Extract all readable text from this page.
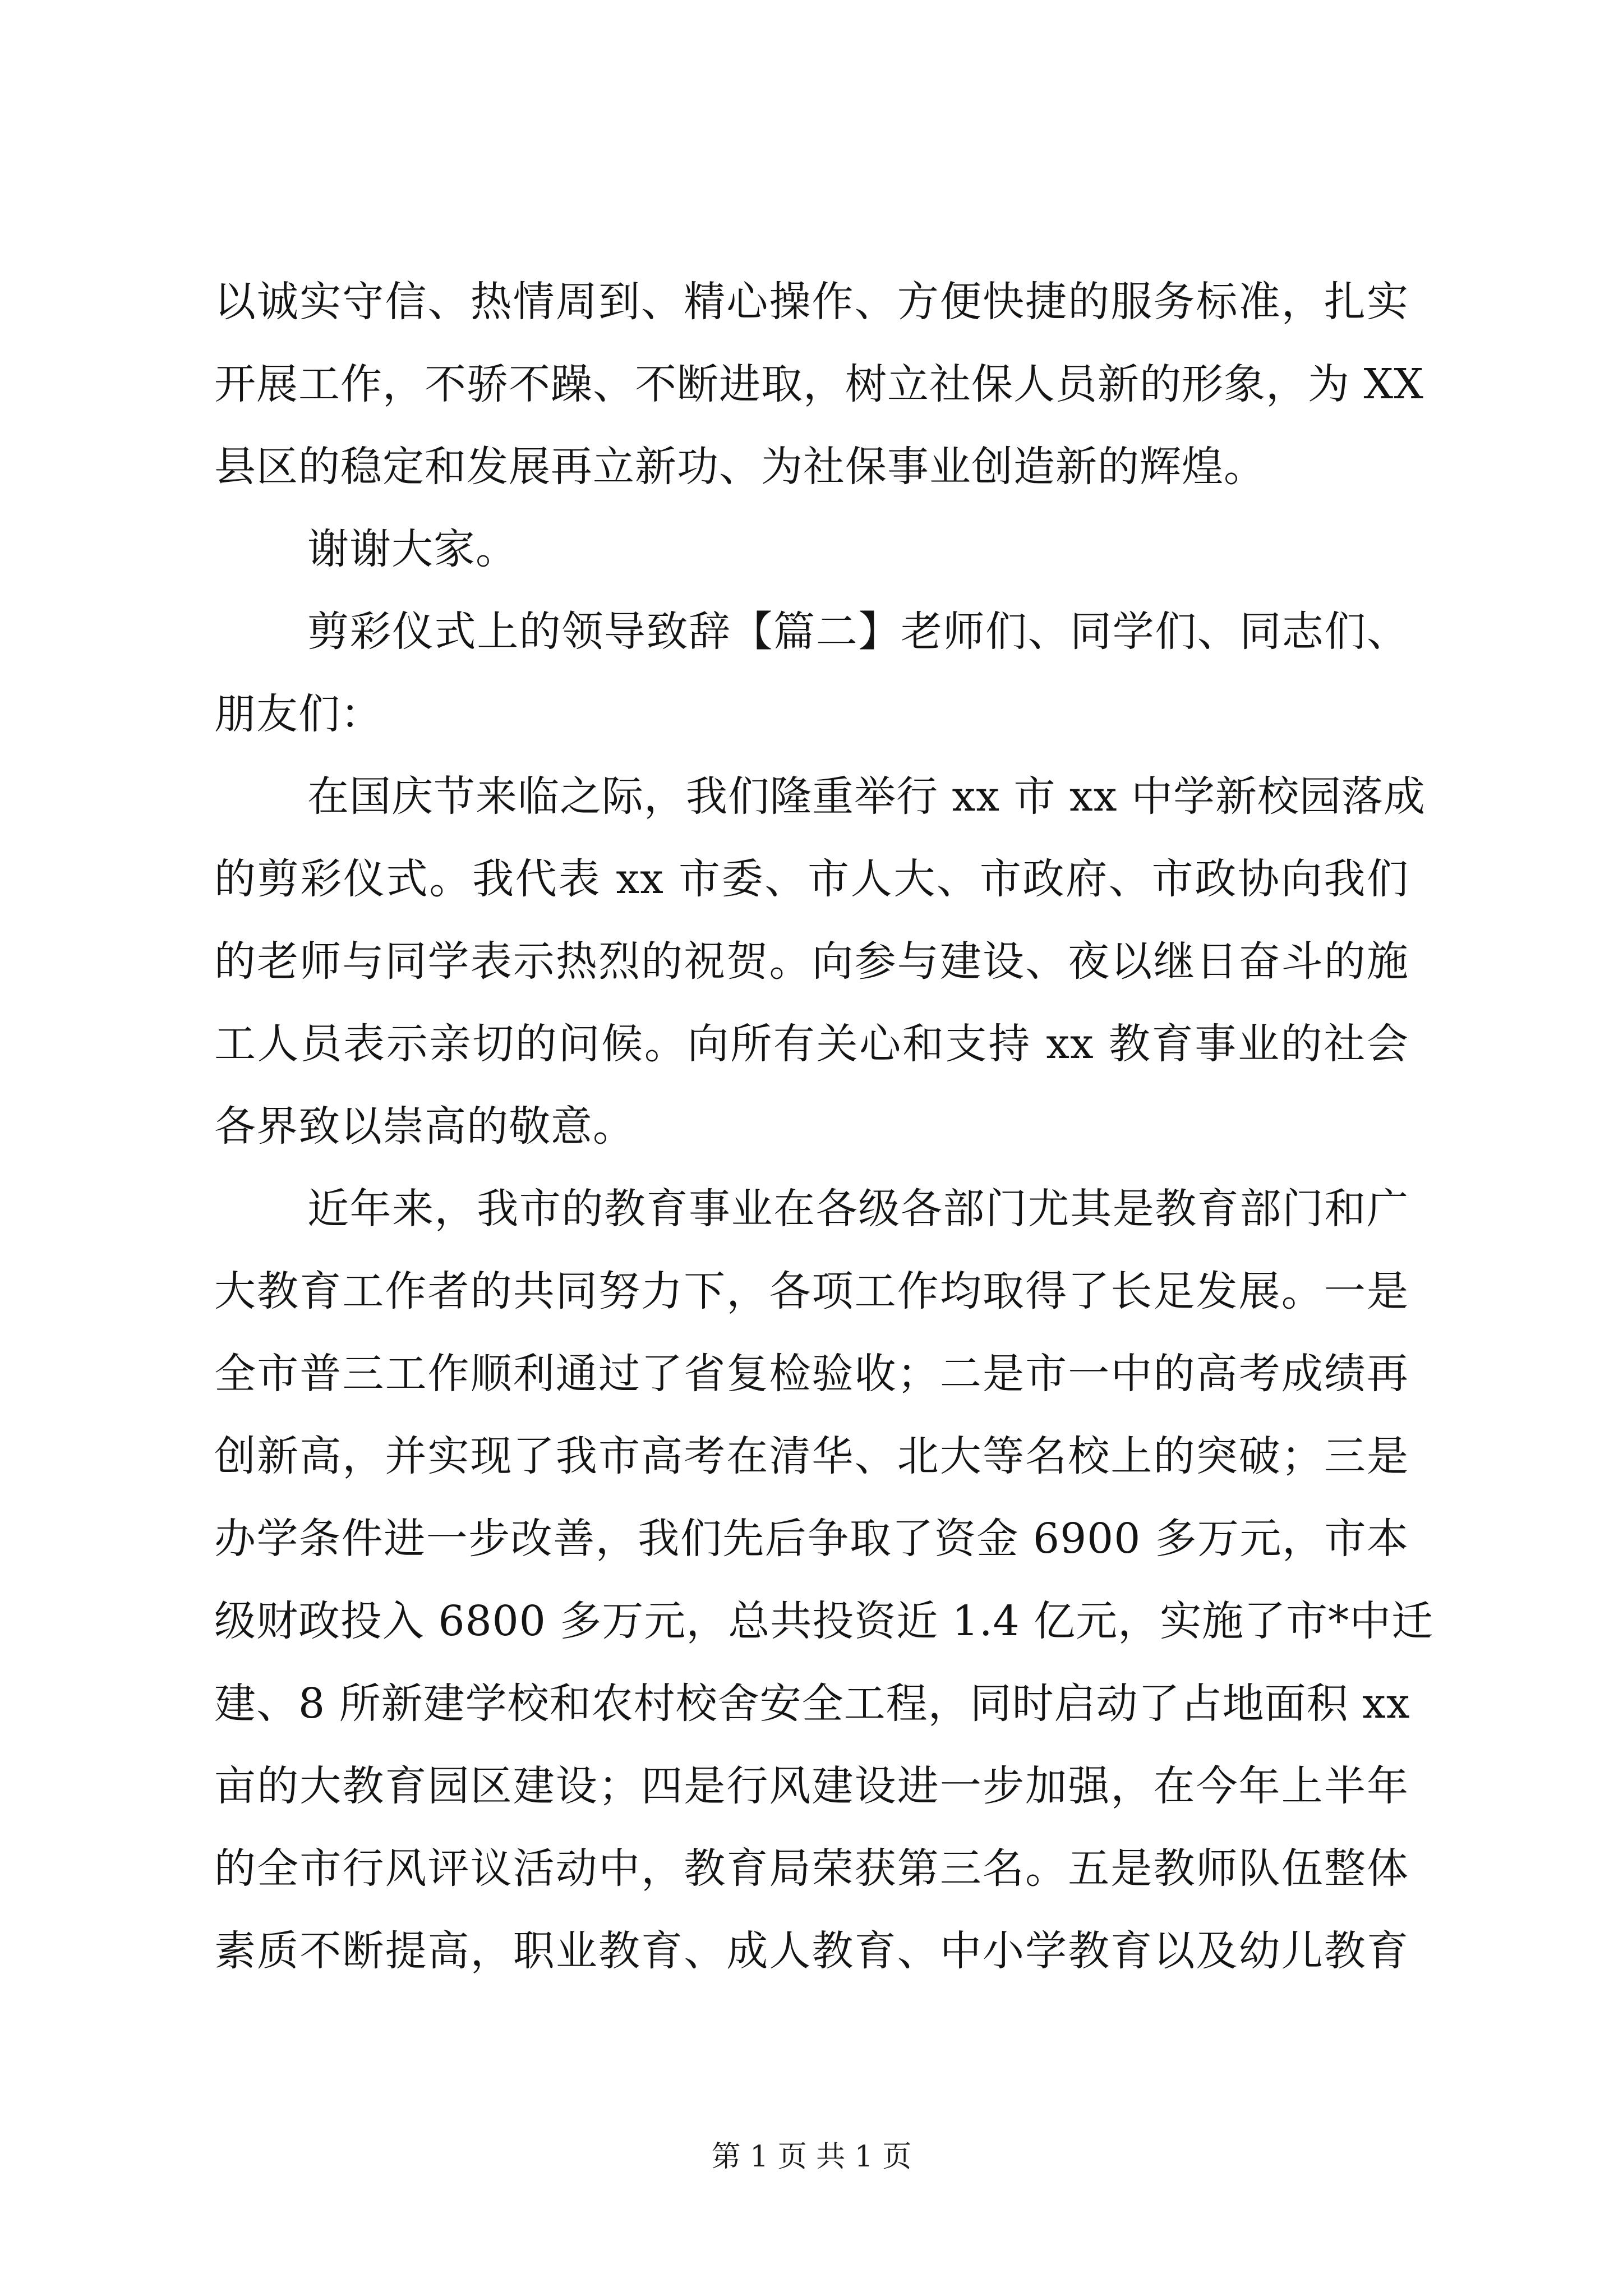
以诚实守信、热情周到、精心操作、方便快捷的服务标准，扎实
开展工作，不骄不躁、不断进取，树立社保人员新的形象，为 XX
县区的稳定和发展再立新功、为社保事业创造新的辉煌。
谢谢大家。
剪彩仪式上的领导致辞【篇二】老师们、同学们、同志们、
朋友们：
在国庆节来临之际，我们隆重举行 xx 市 xx 中学新校园落成
的剪彩仪式。我代表 xx 市委、市人大、市政府、市政协向我们
的老师与同学表示热烈的祝贺。向参与建设、夜以继日奋斗的施
工人员表示亲切的问候。向所有关心和支持 xx 教育事业的社会
各界致以崇高的敬意。
近年来，我市的教育事业在各级各部门尤其是教育部门和广
大教育工作者的共同努力下，各项工作均取得了长足发展。一是
全市普三工作顺利通过了省复检验收；二是市一中的高考成绩再
创新高，并实现了我市高考在清华、北大等名校上的突破；三是
办学条件进一步改善，我们先后争取了资金 6900 多万元，市本
级财政投入 6800 多万元，总共投资近 1.4 亿元，实施了市*中迁
建、8 所新建学校和农村校舍安全工程，同时启动了占地面积 xx
亩的大教育园区建设；四是行风建设进一步加强，在今年上半年
的全市行风评议活动中，教育局荣获第三名。五是教师队伍整体
素质不断提高，职业教育、成人教育、中小学教育以及幼儿教育
第 1 页 共 1 页
